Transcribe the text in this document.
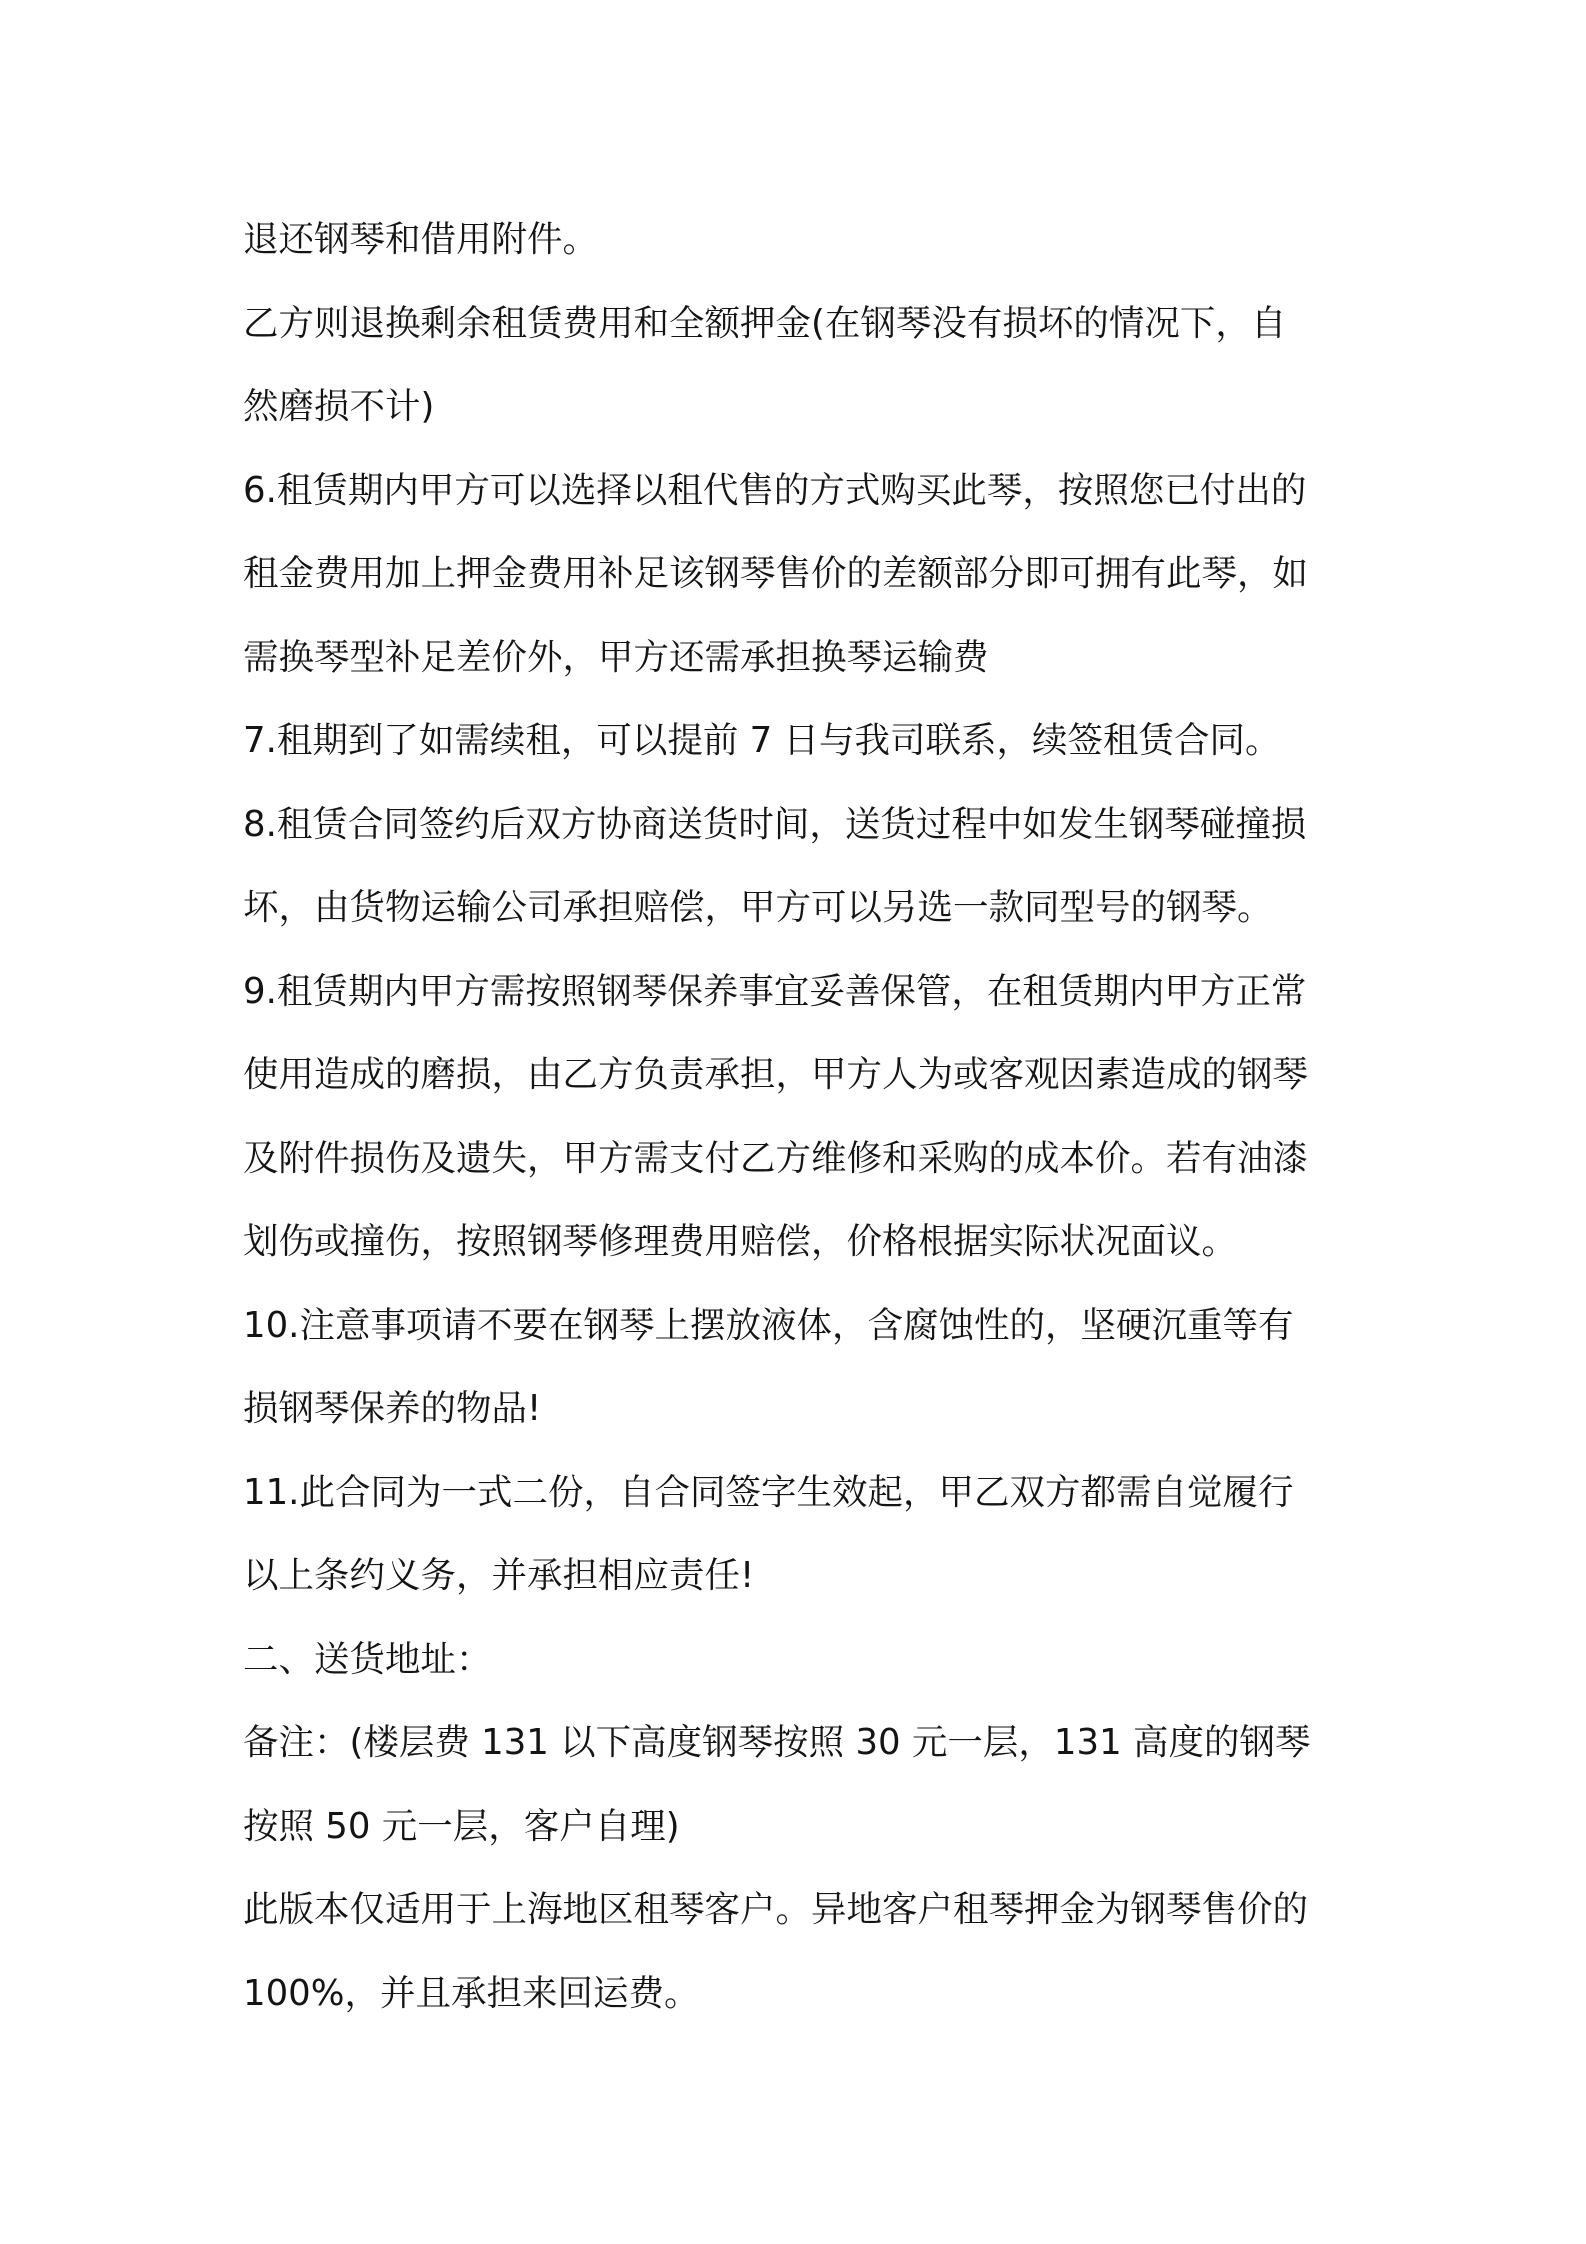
退还钢琴和借用附件。

乙方则退换剩余租赁费用和全额押金(在钢琴没有损坏的情况下，自

然磨损不计)

6.租赁期内甲方可以选择以租代售的方式购买此琴，按照您已付出的

租金费用加上押金费用补足该钢琴售价的差额部分即可拥有此琴，如

需换琴型补足差价外，甲方还需承担换琴运输费

7.租期到了如需续租，可以提前 7 日与我司联系，续签租赁合同。

8.租赁合同签约后双方协商送货时间，送货过程中如发生钢琴碰撞损

坏，由货物运输公司承担赔偿，甲方可以另选一款同型号的钢琴。

9.租赁期内甲方需按照钢琴保养事宜妥善保管，在租赁期内甲方正常

使用造成的磨损，由乙方负责承担，甲方人为或客观因素造成的钢琴

及附件损伤及遗失，甲方需支付乙方维修和采购的成本价。若有油漆

划伤或撞伤，按照钢琴修理费用赔偿，价格根据实际状况面议。

10.注意事项请不要在钢琴上摆放液体，含腐蚀性的，坚硬沉重等有

损钢琴保养的物品!

11.此合同为一式二份，自合同签字生效起，甲乙双方都需自觉履行

以上条约义务，并承担相应责任!

二、送货地址：

备注：(楼层费 131 以下高度钢琴按照 30 元一层，131 高度的钢琴

按照 50 元一层，客户自理)

此版本仅适用于上海地区租琴客户。异地客户租琴押金为钢琴售价的

100%，并且承担来回运费。
